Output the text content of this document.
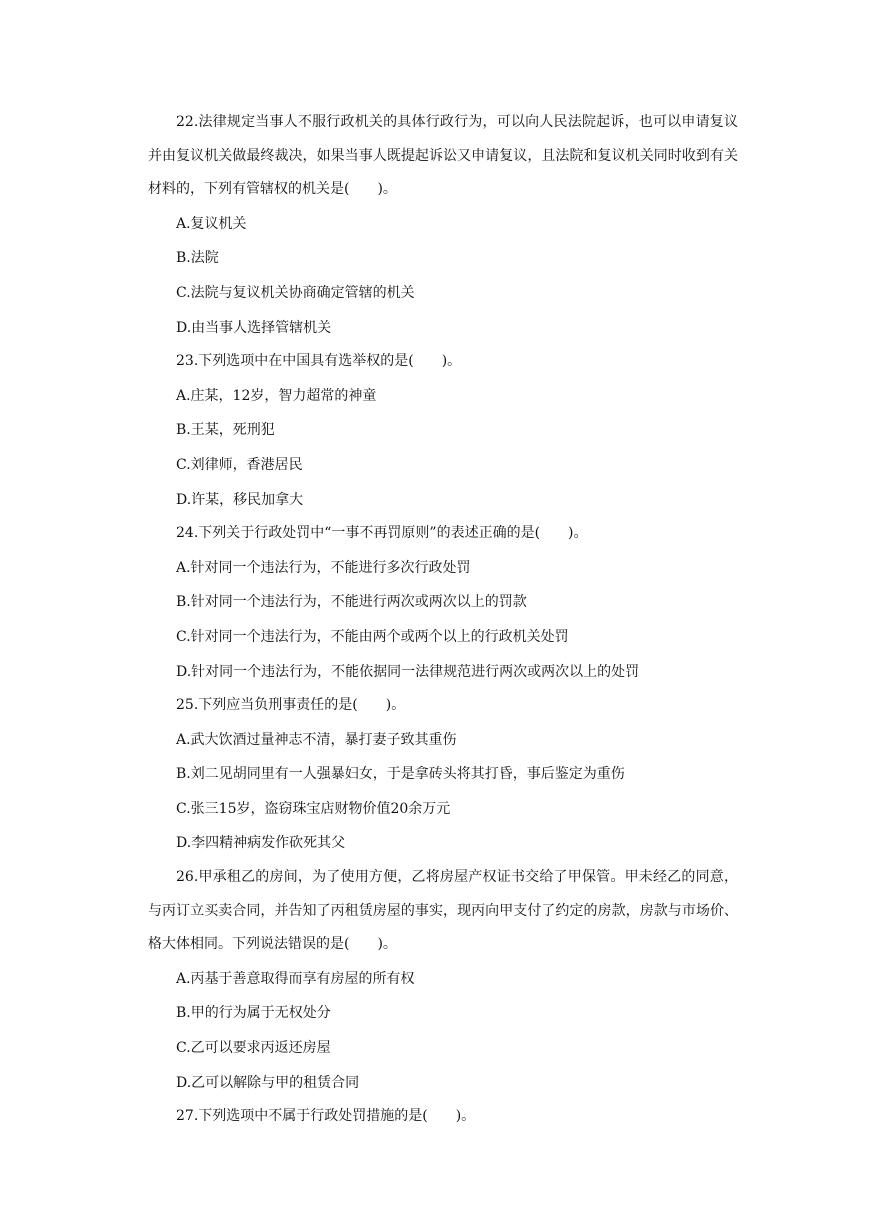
22.法律规定当事人不服行政机关的具体行政行为，可以向人民法院起诉，也可以申请复议并由复议机关做最终裁决，如果当事人既提起诉讼又申请复议，且法院和复议机关同时收到有关材料的，下列有管辖权的机关是(　　)。

A.复议机关

B.法院

C.法院与复议机关协商确定管辖的机关

D.由当事人选择管辖机关

23.下列选项中在中国具有选举权的是(　　)。

A.庄某，12岁，智力超常的神童

B.王某，死刑犯

C.刘律师，香港居民

D.许某，移民加拿大

24.下列关于行政处罚中“一事不再罚原则”的表述正确的是(　　)。

A.针对同一个违法行为，不能进行多次行政处罚

B.针对同一个违法行为，不能进行两次或两次以上的罚款

C.针对同一个违法行为，不能由两个或两个以上的行政机关处罚

D.针对同一个违法行为，不能依据同一法律规范进行两次或两次以上的处罚

25.下列应当负刑事责任的是(　　)。

A.武大饮酒过量神志不清，暴打妻子致其重伤

B.刘二见胡同里有一人强暴妇女，于是拿砖头将其打昏，事后鉴定为重伤

C.张三15岁，盗窃珠宝店财物价值20余万元

D.李四精神病发作砍死其父

26.甲承租乙的房间，为了使用方便，乙将房屋产权证书交给了甲保管。甲未经乙的同意，与丙订立买卖合同，并告知了丙租赁房屋的事实，现丙向甲支付了约定的房款，房款与市场价、格大体相同。下列说法错误的是(　　)。

A.丙基于善意取得而享有房屋的所有权

B.甲的行为属于无权处分

C.乙可以要求丙返还房屋

D.乙可以解除与甲的租赁合同

27.下列选项中不属于行政处罚措施的是(　　)。
